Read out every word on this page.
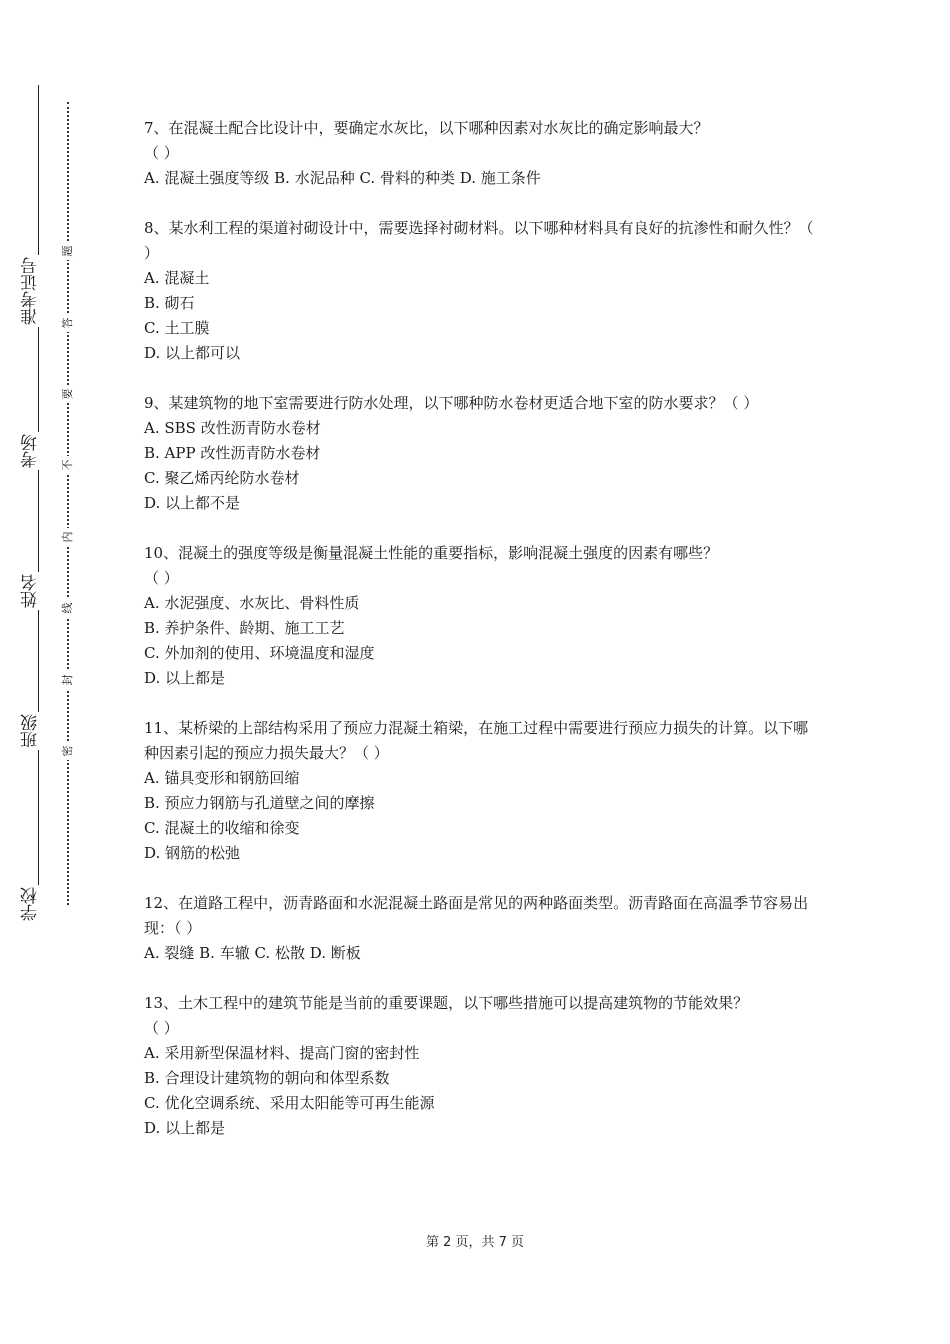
准考证号
考场
姓名
班级
学校
题
答
要
不
内
线
封
密

7、在混凝土配合比设计中，要确定水灰比，以下哪种因素对水灰比的确定影响最大？

（ ）

A. 混凝土强度等级 B. 水泥品种 C. 骨料的种类 D. 施工条件

8、某水利工程的渠道衬砌设计中，需要选择衬砌材料。以下哪种材料具有良好的抗渗性和耐久性？（ ）

A. 混凝土

B. 砌石

C. 土工膜

D. 以上都可以

9、某建筑物的地下室需要进行防水处理，以下哪种防水卷材更适合地下室的防水要求？（ ）

A. SBS 改性沥青防水卷材

B. APP 改性沥青防水卷材

C. 聚乙烯丙纶防水卷材

D. 以上都不是

10、混凝土的强度等级是衡量混凝土性能的重要指标，影响混凝土强度的因素有哪些？

（ ）

A. 水泥强度、水灰比、骨料性质

B. 养护条件、龄期、施工工艺

C. 外加剂的使用、环境温度和湿度

D. 以上都是

11、某桥梁的上部结构采用了预应力混凝土箱梁，在施工过程中需要进行预应力损失的计算。以下哪种因素引起的预应力损失最大？（ ）

A. 锚具变形和钢筋回缩

B. 预应力钢筋与孔道壁之间的摩擦

C. 混凝土的收缩和徐变

D. 钢筋的松弛

12、在道路工程中，沥青路面和水泥混凝土路面是常见的两种路面类型。沥青路面在高温季节容易出现：（ ）

A. 裂缝 B. 车辙 C. 松散 D. 断板

13、土木工程中的建筑节能是当前的重要课题，以下哪些措施可以提高建筑物的节能效果？

（ ）

A. 采用新型保温材料、提高门窗的密封性

B. 合理设计建筑物的朝向和体型系数

C. 优化空调系统、采用太阳能等可再生能源

D. 以上都是

第 2 页，共 7 页
